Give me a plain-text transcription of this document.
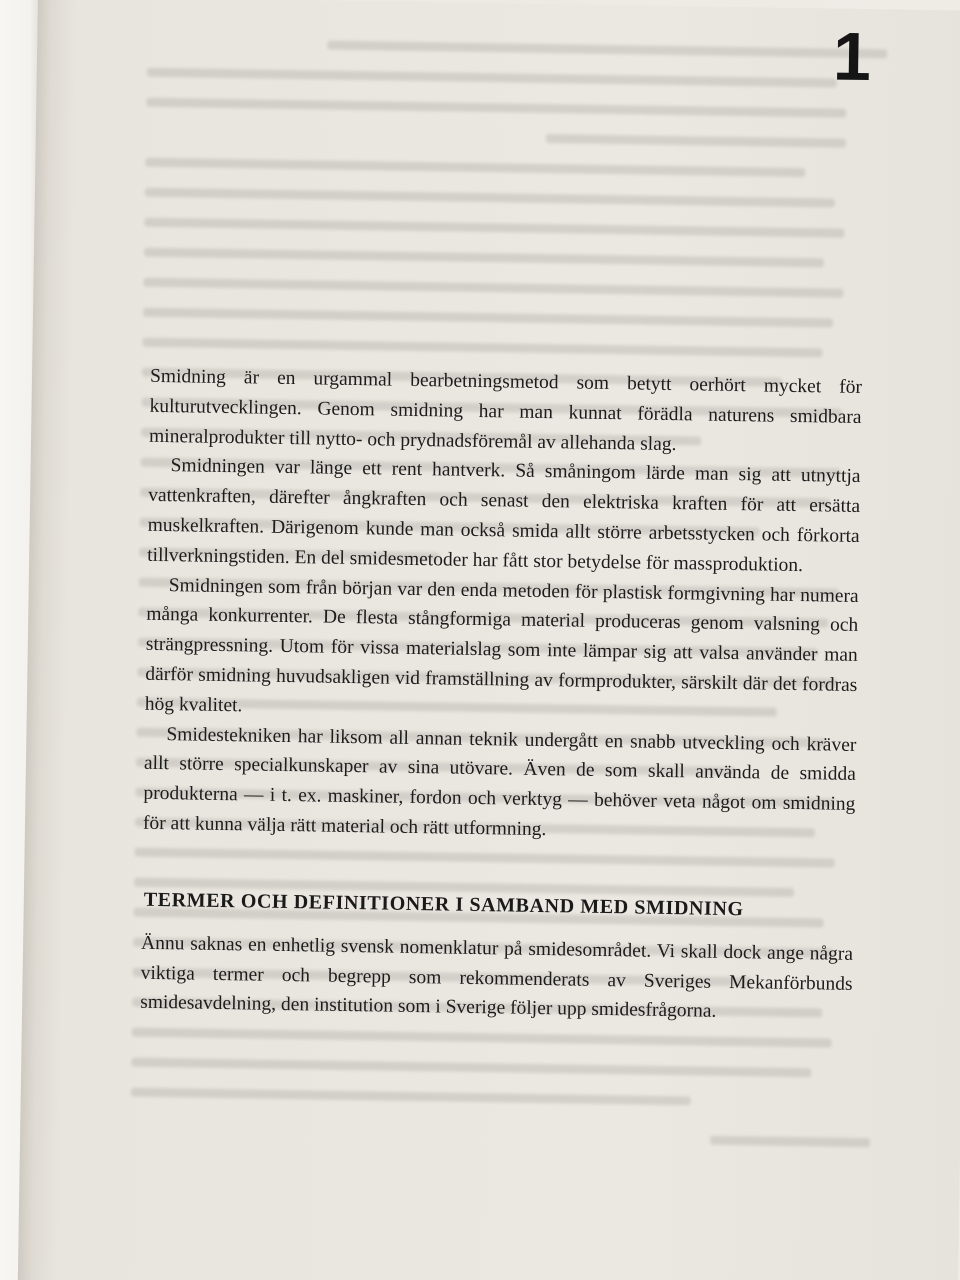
1

Smidning är en urgammal bearbetningsmetod som betytt oerhört mycket för kulturutvecklingen. Genom smidning har man kunnat förädla naturens smidbara mineralprodukter till nytto- och prydnadsföremål av allehanda slag.

Smidningen var länge ett rent hantverk. Så småningom lärde man sig att utnyttja vattenkraften, därefter ångkraften och senast den elektriska kraften för att ersätta muskelkraften. Därigenom kunde man också smida allt större arbetsstycken och förkorta tillverkningstiden. En del smidesmetoder har fått stor betydelse för massproduktion.

Smidningen som från början var den enda metoden för plastisk formgivning har numera många konkurrenter. De flesta stångformiga material produceras genom valsning och strängpressning. Utom för vissa materialslag som inte lämpar sig att valsa använder man därför smidning huvudsakligen vid framställning av formprodukter, särskilt där det fordras hög kvalitet.

Smidestekniken har liksom all annan teknik undergått en snabb utveckling och kräver allt större specialkunskaper av sina utövare. Även de som skall använda de smidda produkterna — i t. ex. maskiner, fordon och verktyg — behöver veta något om smidning för att kunna välja rätt material och rätt utformning.

TERMER OCH DEFINITIONER I SAMBAND MED SMIDNING

Ännu saknas en enhetlig svensk nomenklatur på smidesområdet. Vi skall dock ange några viktiga termer och begrepp som rekommenderats av Sveriges Mekanförbunds smidesavdelning, den institution som i Sverige följer upp smidesfrågorna.
